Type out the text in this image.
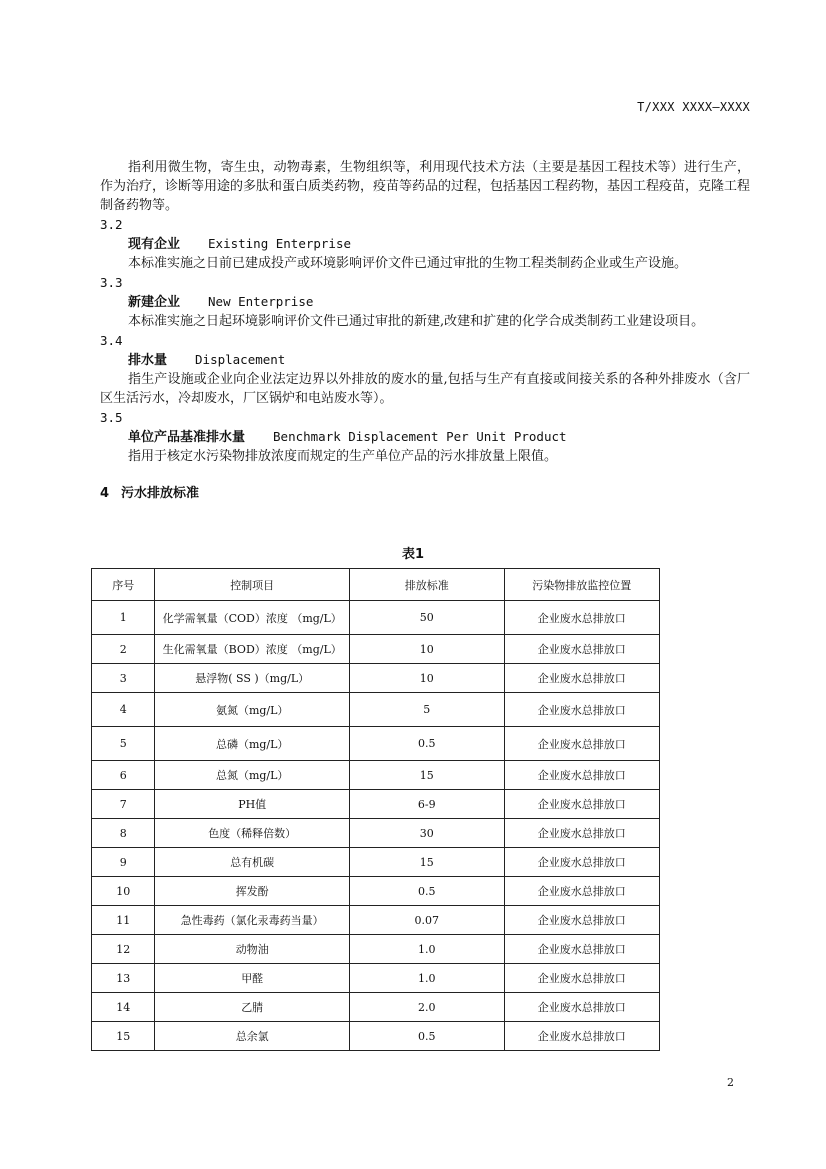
T/XXX XXXX—XXXX

指利用微生物，寄生虫，动物毒素，生物组织等，利用现代技术方法（主要是基因工程技术等）进行生产，作为治疗，诊断等用途的多肽和蛋白质类药物，疫苗等药品的过程，包括基因工程药物，基因工程疫苗，克隆工程制备药物等。

3.2

现有企业 Existing Enterprise

本标准实施之日前已建成投产或环境影响评价文件已通过审批的生物工程类制药企业或生产设施。

3.3

新建企业 New Enterprise

本标准实施之日起环境影响评价文件已通过审批的新建,改建和扩建的化学合成类制药工业建设项目。

3.4

排水量 Displacement

指生产设施或企业向企业法定边界以外排放的废水的量,包括与生产有直接或间接关系的各种外排废水（含厂区生活污水，冷却废水，厂区锅炉和电站废水等）。

3.5

单位产品基准排水量 Benchmark Displacement Per Unit Product

指用于核定水污染物排放浓度而规定的生产单位产品的污水排放量上限值。

4 污水排放标准

表1
序号	控制项目	排放标准	污染物排放监控位置
1	化学需氧量（COD）浓度 （mg/L）	50	企业废水总排放口
2	生化需氧量（BOD）浓度 （mg/L）	10	企业废水总排放口
3	悬浮物( SS )（mg/L）	10	企业废水总排放口
4	氨氮（mg/L）	5	企业废水总排放口
5	总磷（mg/L）	0.5	企业废水总排放口
6	总氮（mg/L）	15	企业废水总排放口
7	PH值	6-9	企业废水总排放口
8	色度（稀释倍数）	30	企业废水总排放口
9	总有机碳	15	企业废水总排放口
10	挥发酚	0.5	企业废水总排放口
11	急性毒药（氯化汞毒药当量）	0.07	企业废水总排放口
12	动物油	1.0	企业废水总排放口
13	甲醛	1.0	企业废水总排放口
14	乙腈	2.0	企业废水总排放口
15	总余氯	0.5	企业废水总排放口
2
